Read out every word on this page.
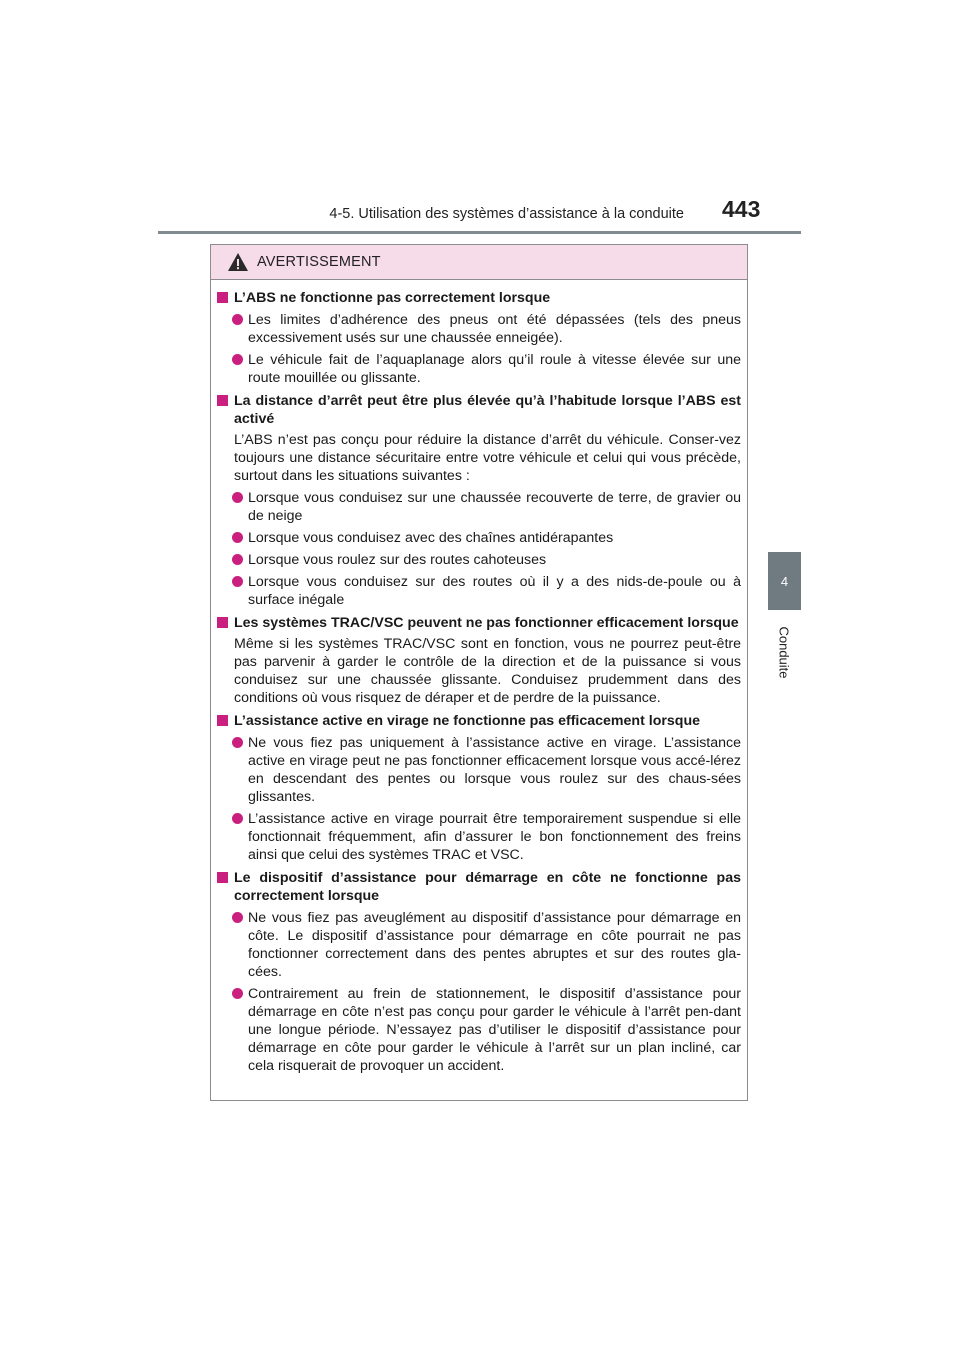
4-5. Utilisation des systèmes d’assistance à la conduite 443
4
Conduite
AVERTISSEMENT
L’ABS ne fonctionne pas correctement lorsque
Les limites d’adhérence des pneus ont été dépassées (tels des pneus excessivement usés sur une chaussée enneigée).
Le véhicule fait de l’aquaplanage alors qu’il roule à vitesse élevée sur une route mouillée ou glissante.
La distance d’arrêt peut être plus élevée qu’à l’habitude lorsque l’ABS est activé
L’ABS n’est pas conçu pour réduire la distance d’arrêt du véhicule. Conser-vez toujours une distance sécuritaire entre votre véhicule et celui qui vous précède, surtout dans les situations suivantes :
Lorsque vous conduisez sur une chaussée recouverte de terre, de gravier ou de neige
Lorsque vous conduisez avec des chaînes antidérapantes
Lorsque vous roulez sur des routes cahoteuses
Lorsque vous conduisez sur des routes où il y a des nids-de-poule ou à surface inégale
Les systèmes TRAC/VSC peuvent ne pas fonctionner efficacement lorsque
Même si les systèmes TRAC/VSC sont en fonction, vous ne pourrez peut-être pas parvenir à garder le contrôle de la direction et de la puissance si vous conduisez sur une chaussée glissante. Conduisez prudemment dans des conditions où vous risquez de déraper et de perdre de la puissance.
L’assistance active en virage ne fonctionne pas efficacement lorsque
Ne vous fiez pas uniquement à l’assistance active en virage. L’assistance active en virage peut ne pas fonctionner efficacement lorsque vous accé-lérez en descendant des pentes ou lorsque vous roulez sur des chaus-sées glissantes.
L’assistance active en virage pourrait être temporairement suspendue si elle fonctionnait fréquemment, afin d’assurer le bon fonctionnement des freins ainsi que celui des systèmes TRAC et VSC.
Le dispositif d’assistance pour démarrage en côte ne fonctionne pas correctement lorsque
Ne vous fiez pas aveuglément au dispositif d’assistance pour démarrage en côte. Le dispositif d’assistance pour démarrage en côte pourrait ne pas fonctionner correctement dans des pentes abruptes et sur des routes gla-cées.
Contrairement au frein de stationnement, le dispositif d’assistance pour démarrage en côte n’est pas conçu pour garder le véhicule à l’arrêt pen-dant une longue période. N’essayez pas d’utiliser le dispositif d’assistance pour démarrage en côte pour garder le véhicule à l’arrêt sur un plan incliné, car cela risquerait de provoquer un accident.
